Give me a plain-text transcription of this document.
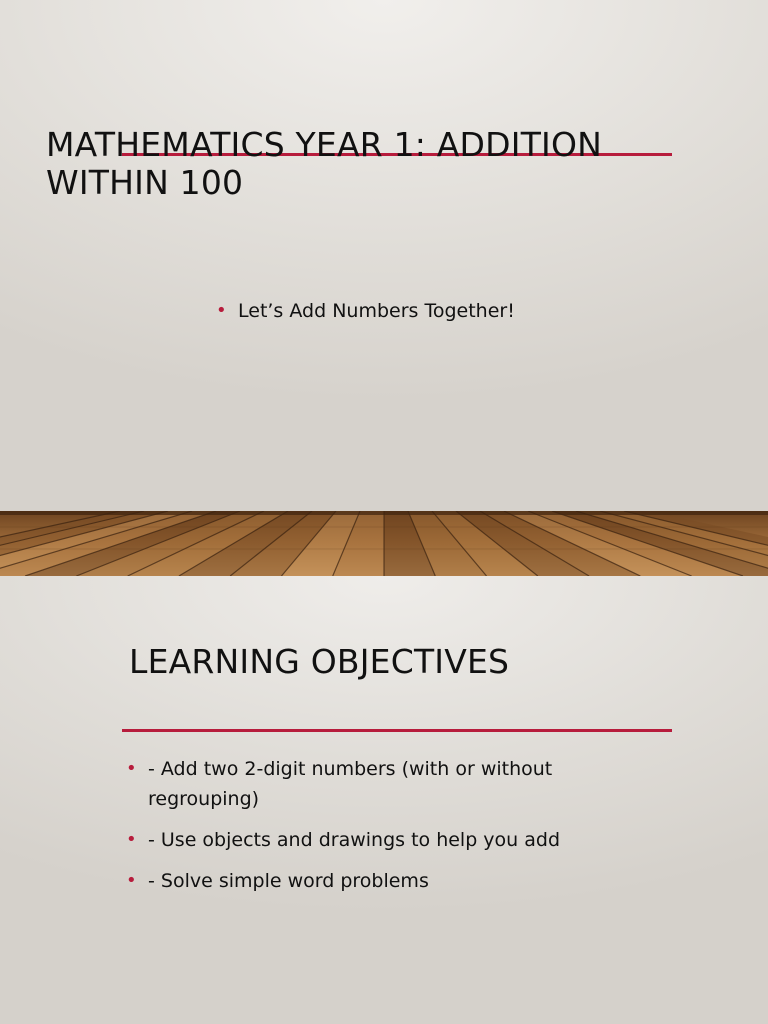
MATHEMATICS YEAR 1: ADDITION WITHIN 100
• Let’s Add Numbers Together!
LEARNING OBJECTIVES
• - Add two 2-digit numbers (with or without regrouping)
• - Use objects and drawings to help you add
• - Solve simple word problems
